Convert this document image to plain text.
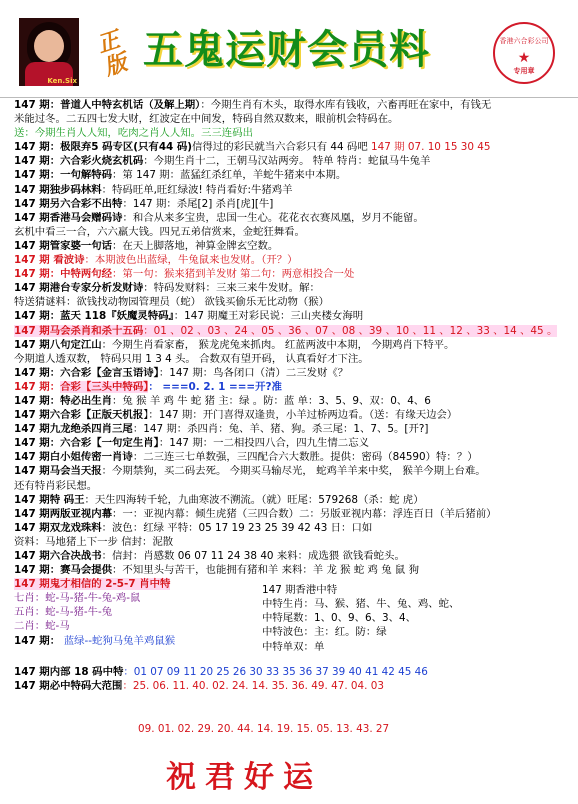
Ken.Six
正
版 五鬼运财会员料	香港六合彩公司
★
专用章
147 期：普道人中特玄机话（及解上期）：今期生肖有木头，取得水库有钱收，六畜再旺在家中，有钱无
米能过冬。二五四七发大财，红波定在中间发，特码自然双数来，眼前机会特码在。
送：今期生肖人人知，吃肉之肖人人知。三三连码出
147 期：极限弃5 码专区(只有44 码)信得过的彩民就当六合彩只有 44 码吧 147 期 07. 10 15 30 45
147 期：六合彩火烧玄机码：今期生肖十二，王朝马汉站两旁。 特单 特肖：蛇鼠马牛兔羊
147 期：一句解特码：第 147 期：蓝猛红杀红单，羊蛇牛猪来中本期。
147 期独步码林料：特码旺单,旺红绿波! 特肖看好:牛猪鸡羊
147 期另六合彩不出特：147 期：杀尾[2] 杀肖[虎][牛]
147 期香港马会赠码诗：和合从来多宝贵，忠国一生心。花花衣衣赛凤凰，岁月不能留。
玄机中看三一合，六六羸大钱。四兄五弟信赏来，金蛇狂舞看。
147 期管家婆一句话：在天上脚落地，神算金牌玄空数。
147 期 看波诗：本期波色出蓝绿，牛兔鼠来也发财。（开？）
147 期：中特两句经：第一句：猴来猪到羊发财 第二句：两意相投合一处
147 期港台专家分析发财诗：特码发财料：三来三来牛发财。解：
特送猜谜料：欲钱找动物园管理员（蛇） 欲钱买偷乐无比动物（猴）
147 期：蓝天 118『妖魔灵特码』：147 期魔王对彩民说：三山夹楼女海明
147 期马会杀肖和杀十五码：01 、02 、03 、24 、05 、36 、07 、08 、39 、10 、11 、12 、33 、14 、45 。
147 期八句定江山：今期生肖看家畜， 猴龙虎兔来抓肉。 红蓝两波中本期， 今期鸡肖下特平。
今期道人透双数， 特码只用 1 3 4 头。 合数双有望开码， 认真看好才下注。
147 期：六合彩【金言玉语诗】：147 期：鸟各闭口（清）二三发财《？
147 期：合彩【三头中特码】： ===0. 2. 1 ===开?准
147 期：特必出生肖：兔 猴 羊 鸡 牛 蛇 猪 主：绿 。防：蓝 单：3、5、9、双：0、4、6
147 期六合彩【正版天机报】：147 期：开门喜得双逢贵，小羊过桥两边看。（送：有缘天边会）
147 期九龙绝杀四肖三尾：147 期：杀四肖：兔、羊、猪、狗。杀三尾：1、7、5。[开?]
147 期：六合彩【一句定生肖】：147 期：一二相投四八合，四九生情二忘义
147 期白小姐传密一肖诗：二三连三七单数强，三四配合六大数胜。提供：密码（84590）特：？）
147 期马会当天报：今期禁狗，买二码去死。 今期买马输尽光， 蛇鸡羊羊来中奖， 猴羊今期上台难。
还有特肖彩民想。
147 期特 码王：天生四海转千轮，九曲寒波不溯流。（就）旺尾：579268（杀：蛇 虎）
147 期两版亚视内幕：一：亚视内幕：倾生虎猪（三四合数）二：另版亚视内幕：浮连百日（羊后猪前）
147 期双龙戏珠料：波色：红绿 平特：05 17 19 23 25 39 42 43 日：口如
资料：马地猪上下一步 信封：泥散
147 期六合决战书：信封：肖感数 06 07 11 24 38 40 来料：成选猥 欲钱看蛇头。
147 期：赛马会提供：不知里头与苦干，也能拥有猪和羊 来料：羊 龙 猴 蛇 鸡 兔 鼠 狗
147 期鬼才相信的 2-5-7 肖中特
七肖：蛇-马-猪-牛-兔-鸡-鼠
五肖：蛇-马-猪-牛-兔
二肖：蛇-马
147 期： 蓝绿--蛇狗马兔羊鸡鼠猴
147 期香港中特
中特生肖：马、猴、猪、牛、兔、鸡、蛇、
中特尾数：1、0、9、6、3、4、
中特波色：主：红。防：绿
中特单双：单
147 期内部 18 码中特：01 07 09 11 20 25 26 30 33 35 36 37 39 40 41 42 45 46
147 期必中特码大范围：25. 06. 11. 40. 02. 24. 14. 35. 36. 49. 47. 04. 03
09. 01. 02. 29. 20. 44. 14. 19. 15. 05. 13. 43. 27
祝君好运
